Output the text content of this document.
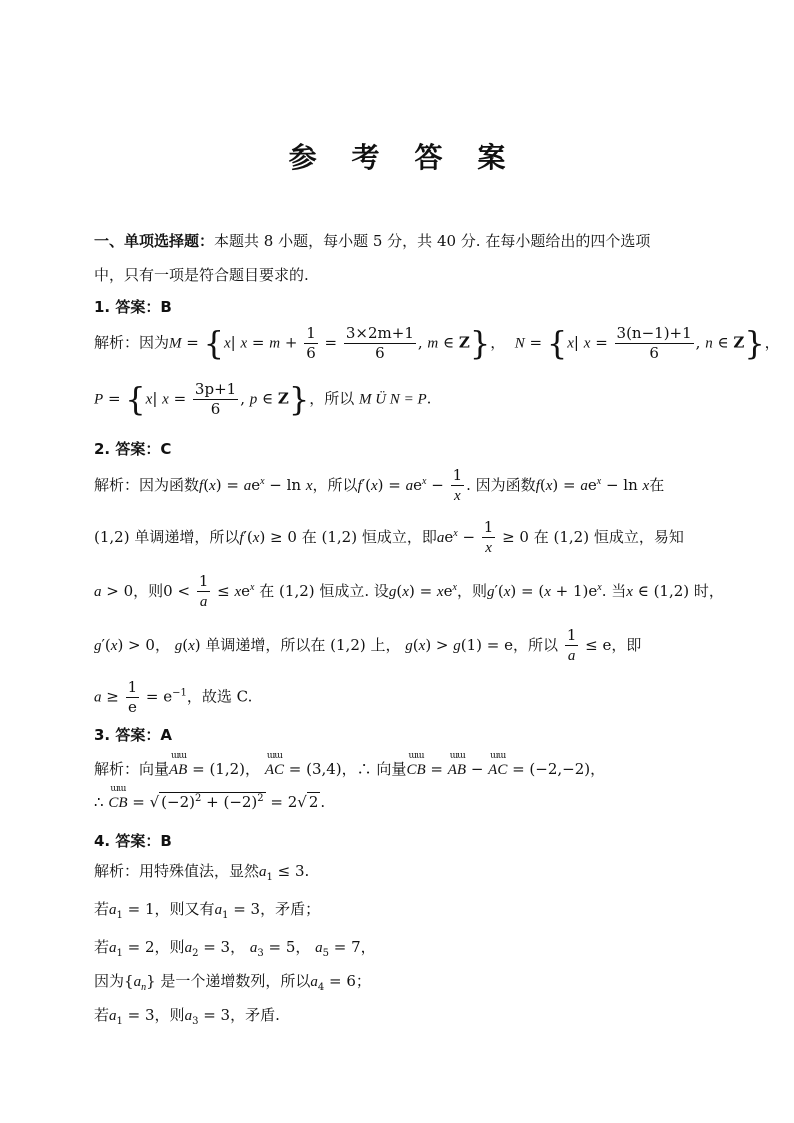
参 考 答 案
一、单项选择题：本题共 8 小题，每小题 5 分，共 40 分. 在每小题给出的四个选项
中，只有一项是符合题目要求的.
1. 答案：B
解析：因为M = {x| $x = m + \frac{1}{6} = \frac{3\times 2m+1}{6}$ , m ∈ Z}，  N = {x| $x = \frac{3(n-1)+1}{6}$ , n ∈ Z}，
P = {x| $x = \frac{3p+1}{6}$ , p ∈ Z}，所以 M Ü N = P.
2. 答案：C
解析：因为函数$f(x) = ae^x - \ln x$，所以$f'(x) = ae^x - \frac{1}{x}$ . 因为函数$f(x) = ae^x - \ln x$在
(1,2) 单调递增，所以f′(x) ≥ 0 在 (1,2) 恒成立，即$ae^x - \frac{1}{x} \ge 0$ 在 (1,2) 恒成立，易知
a > 0，则$0 < \frac{1}{a} \le xe^x$ 在 (1,2) 恒成立. 设$g(x) = xe^x$，则$g'(x) = (x + 1)e^x$. 当x ∈ (1,2) 时，
g′(x) > 0， g(x) 单调递增，所以在 (1,2) 上， g(x) > g(1) = e，所以 $\frac{1}{a} \le e$，即
$a \ge \frac{1}{e} = e^{-1}$，故选 C.
3. 答案：A
解析：向量ɯɯ AB = (1,2)， ɯɯ AC = (3,4)，∴ 向量ɯɯ CB = ɯɯ AB − ɯɯ AC = (−2,−2)，
∴ ɯɯ CB = √ $(-2)^2 + (-2)^2 = 2√$ 2 .
4. 答案：B
解析：用特殊值法，显然$a_1 \le 3$.
若$a_1 = 1$，则又有$a_1 = 3$，矛盾；
若$a_1 = 2$，则$a_2 = 3$， $a_3 = 5$， $a_5 = 7$，
因为$\{a_n\}$ 是一个递增数列，所以$a_4 = 6$；
若$a_1 = 3$，则$a_3 = 3$，矛盾.
